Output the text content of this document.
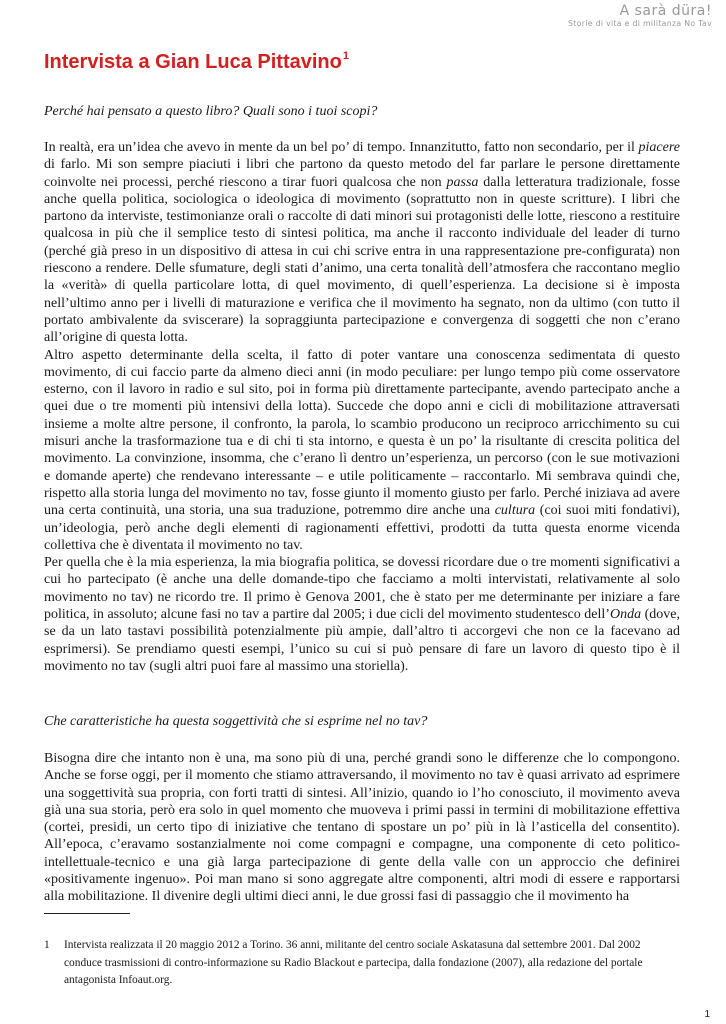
A sarà düra!
Storie di vita e di militanza No Tav
Intervista a Gian Luca Pittavino$^1$

Perché hai pensato a questo libro? Quali sono i tuoi scopi?

In realtà, era un’idea che avevo in mente da un bel po’ di tempo. Innanzitutto, fatto non secondario, per il piacere di farlo. Mi son sempre piaciuti i libri che partono da questo metodo del far parlare le persone direttamente coinvolte nei processi, perché riescono a tirar fuori qualcosa che non passa dalla letteratura tradizionale, fosse anche quella politica, sociologica o ideologica di movimento (soprattutto non in queste scritture). I libri che partono da interviste, testimonianze orali o raccolte di dati minori sui protagonisti delle lotte, riescono a restituire qualcosa in più che il semplice testo di sintesi politica, ma anche il racconto individuale del leader di turno (perché già preso in un dispositivo di attesa in cui chi scrive entra in una rappresentazione pre-configurata) non riescono a rendere. Delle sfumature, degli stati d’animo, una certa tonalità dell’atmosfera che raccontano meglio la «verità» di quella particolare lotta, di quel movimento, di quell’esperienza. La decisione si è imposta nell’ultimo anno per i livelli di maturazione e verifica che il movimento ha segnato, non da ultimo (con tutto il portato ambivalente da sviscerare) la sopraggiunta partecipazione e convergenza di soggetti che non c’erano all’origine di questa lotta.

Altro aspetto determinante della scelta, il fatto di poter vantare una conoscenza sedimentata di questo movimento, di cui faccio parte da almeno dieci anni (in modo peculiare: per lungo tempo più come osservatore esterno, con il lavoro in radio e sul sito, poi in forma più direttamente partecipante, avendo partecipato anche a quei due o tre momenti più intensivi della lotta). Succede che dopo anni e cicli di mobilitazione attraversati insieme a molte altre persone, il confronto, la parola, lo scambio producono un reciproco arricchimento su cui misuri anche la trasformazione tua e di chi ti sta intorno, e questa è un po’ la risultante di crescita politica del movimento. La convinzione, insomma, che c’erano lì dentro un’esperienza, un percorso (con le sue motivazioni e domande aperte) che rendevano interessante – e utile politicamente – raccontarlo. Mi sembrava quindi che, rispetto alla storia lunga del movimento no tav, fosse giunto il momento giusto per farlo. Perché iniziava ad avere una certa continuità, una storia, una sua traduzione, potremmo dire anche una cultura (coi suoi miti fondativi), un’ideologia, però anche degli elementi di ragionamenti effettivi, prodotti da tutta questa enorme vicenda collettiva che è diventata il movimento no tav.

Per quella che è la mia esperienza, la mia biografia politica, se dovessi ricordare due o tre momenti significativi a cui ho partecipato (è anche una delle domande-tipo che facciamo a molti intervistati, relativamente al solo movimento no tav) ne ricordo tre. Il primo è Genova 2001, che è stato per me determinante per iniziare a fare politica, in assoluto; alcune fasi no tav a partire dal 2005; i due cicli del movimento studentesco dell’Onda (dove, se da un lato tastavi possibilità potenzialmente più ampie, dall’altro ti accorgevi che non ce la facevano ad esprimersi). Se prendiamo questi esempi, l’unico su cui si può pensare di fare un lavoro di questo tipo è il movimento no tav (sugli altri puoi fare al massimo una storiella).

Che caratteristiche ha questa soggettività che si esprime nel no tav?

Bisogna dire che intanto non è una, ma sono più di una, perché grandi sono le differenze che lo compongono. Anche se forse oggi, per il momento che stiamo attraversando, il movimento no tav è quasi arrivato ad esprimere una soggettività sua propria, con forti tratti di sintesi. All’inizio, quando io l’ho conosciuto, il movimento aveva già una sua storia, però era solo in quel momento che muoveva i primi passi in termini di mobilitazione effettiva (cortei, presidi, un certo tipo di iniziative che tentano di spostare un po’ più in là l’asticella del consentito). All’epoca, c’eravamo sostanzialmente noi come compagni e compagne, una componente di ceto politico-intellettuale-tecnico e una già larga partecipazione di gente della valle con un approccio che definirei «positivamente ingenuo». Poi man mano si sono aggregate altre componenti, altri modi di essere e rapportarsi alla mobilitazione. Il divenire degli ultimi dieci anni, le due grossi fasi di passaggio che il movimento ha

1	Intervista realizzata il 20 maggio 2012 a Torino. 36 anni, militante del centro sociale Askatasuna dal settembre 2001. Dal 2002 conduce trasmissioni di contro-informazione su Radio Blackout e partecipa, dalla fondazione (2007), alla redazione del portale antagonista Infoaut.org.
1
